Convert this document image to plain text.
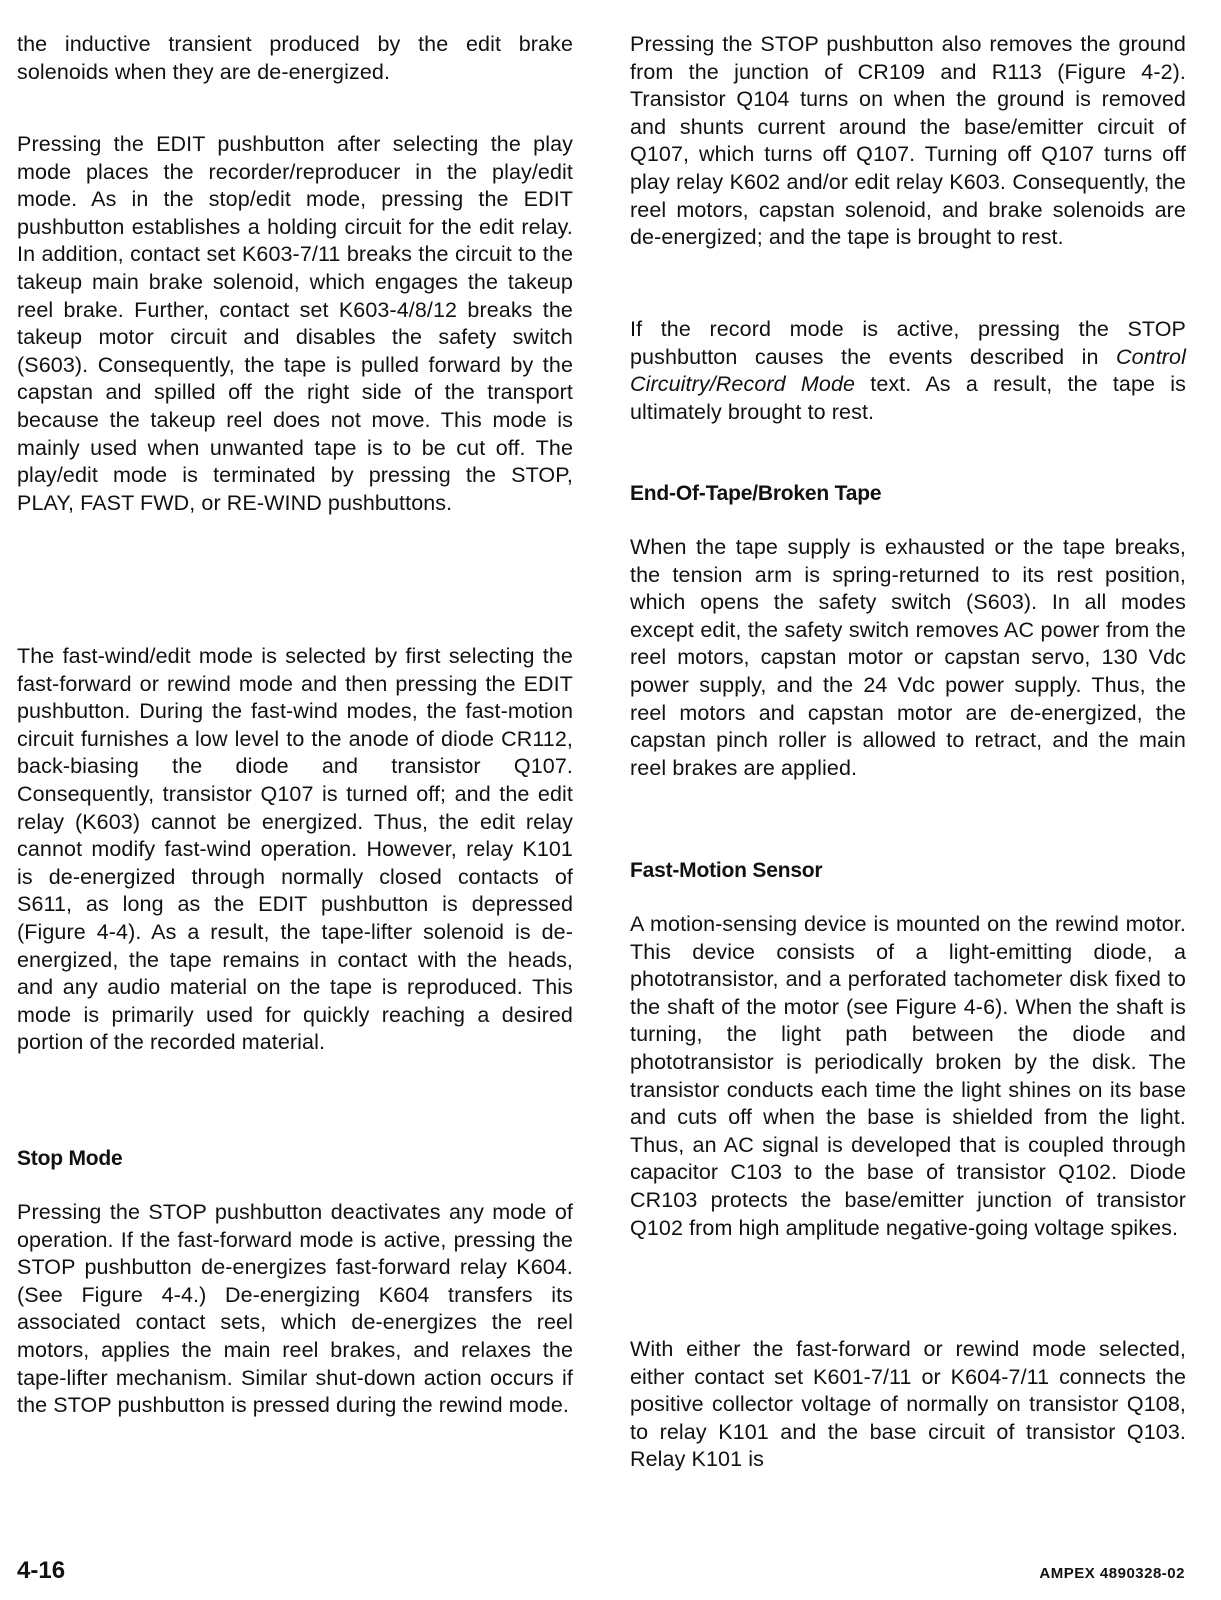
the inductive transient produced by the edit brake solenoids when they are de-energized.
Pressing the EDIT pushbutton after selecting the play mode places the recorder/reproducer in the play/edit mode. As in the stop/edit mode, pressing the EDIT pushbutton establishes a holding circuit for the edit relay. In addition, contact set K603-7/11 breaks the circuit to the takeup main brake solenoid, which engages the takeup reel brake. Further, contact set K603-4/8/12 breaks the takeup motor circuit and disables the safety switch (S603). Consequently, the tape is pulled forward by the capstan and spilled off the right side of the transport because the takeup reel does not move. This mode is mainly used when unwanted tape is to be cut off. The play/edit mode is terminated by pressing the STOP, PLAY, FAST FWD, or RE-WIND pushbuttons.
The fast-wind/edit mode is selected by first selecting the fast-forward or rewind mode and then pressing the EDIT pushbutton. During the fast-wind modes, the fast-motion circuit furnishes a low level to the anode of diode CR112, back-biasing the diode and transistor Q107. Consequently, transistor Q107 is turned off; and the edit relay (K603) cannot be energized. Thus, the edit relay cannot modify fast-wind operation. However, relay K101 is de-energized through normally closed contacts of S611, as long as the EDIT pushbutton is depressed (Figure 4-4). As a result, the tape-lifter solenoid is de-energized, the tape remains in contact with the heads, and any audio material on the tape is reproduced. This mode is primarily used for quickly reaching a desired portion of the recorded material.
Stop Mode
Pressing the STOP pushbutton deactivates any mode of operation. If the fast-forward mode is active, pressing the STOP pushbutton de-energizes fast-forward relay K604. (See Figure 4-4.) De-energizing K604 transfers its associated contact sets, which de-energizes the reel motors, applies the main reel brakes, and relaxes the tape-lifter mechanism. Similar shut-down action occurs if the STOP pushbutton is pressed during the rewind mode.
Pressing the STOP pushbutton also removes the ground from the junction of CR109 and R113 (Figure 4-2). Transistor Q104 turns on when the ground is removed and shunts current around the base/emitter circuit of Q107, which turns off Q107. Turning off Q107 turns off play relay K602 and/or edit relay K603. Consequently, the reel motors, capstan solenoid, and brake solenoids are de-energized; and the tape is brought to rest.
If the record mode is active, pressing the STOP pushbutton causes the events described in Control Circuitry/Record Mode text. As a result, the tape is ultimately brought to rest.
End-Of-Tape/Broken Tape
When the tape supply is exhausted or the tape breaks, the tension arm is spring-returned to its rest position, which opens the safety switch (S603). In all modes except edit, the safety switch removes AC power from the reel motors, capstan motor or capstan servo, 130 Vdc power supply, and the 24 Vdc power supply. Thus, the reel motors and capstan motor are de-energized, the capstan pinch roller is allowed to retract, and the main reel brakes are applied.
Fast-Motion Sensor
A motion-sensing device is mounted on the rewind motor. This device consists of a light-emitting diode, a phototransistor, and a perforated tachometer disk fixed to the shaft of the motor (see Figure 4-6). When the shaft is turning, the light path between the diode and phototransistor is periodically broken by the disk. The transistor conducts each time the light shines on its base and cuts off when the base is shielded from the light. Thus, an AC signal is developed that is coupled through capacitor C103 to the base of transistor Q102. Diode CR103 protects the base/emitter junction of transistor Q102 from high amplitude negative-going voltage spikes.
With either the fast-forward or rewind mode selected, either contact set K601-7/11 or K604-7/11 connects the positive collector voltage of normally on transistor Q108, to relay K101 and the base circuit of transistor Q103. Relay K101 is
4-16	AMPEX 4890328-02
